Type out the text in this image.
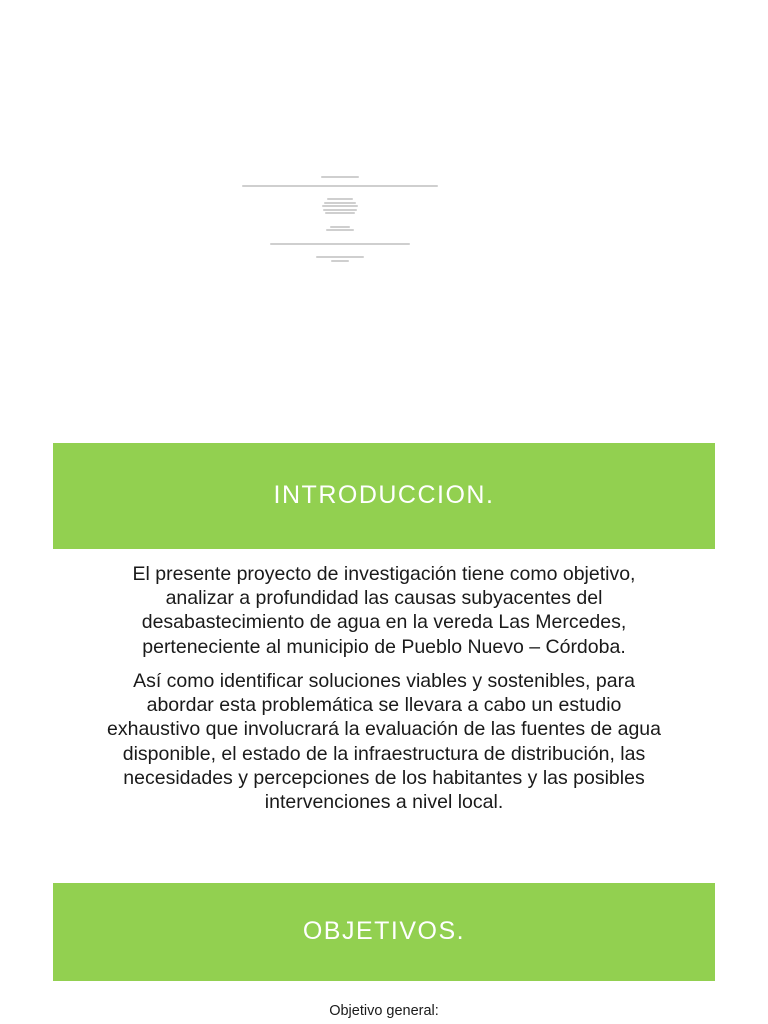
INTRODUCCION.
El presente proyecto de investigación tiene como objetivo,
analizar a profundidad las causas subyacentes del
desabastecimiento de agua en la vereda Las Mercedes,
perteneciente al municipio de Pueblo Nuevo – Córdoba.
Así como identificar soluciones viables y sostenibles, para
abordar esta problemática se llevara a cabo un estudio
exhaustivo que involucrará la evaluación de las fuentes de agua
disponible, el estado de la infraestructura de distribución, las
necesidades y percepciones de los habitantes y las posibles
intervenciones a nivel local.
OBJETIVOS.
Objetivo general:
